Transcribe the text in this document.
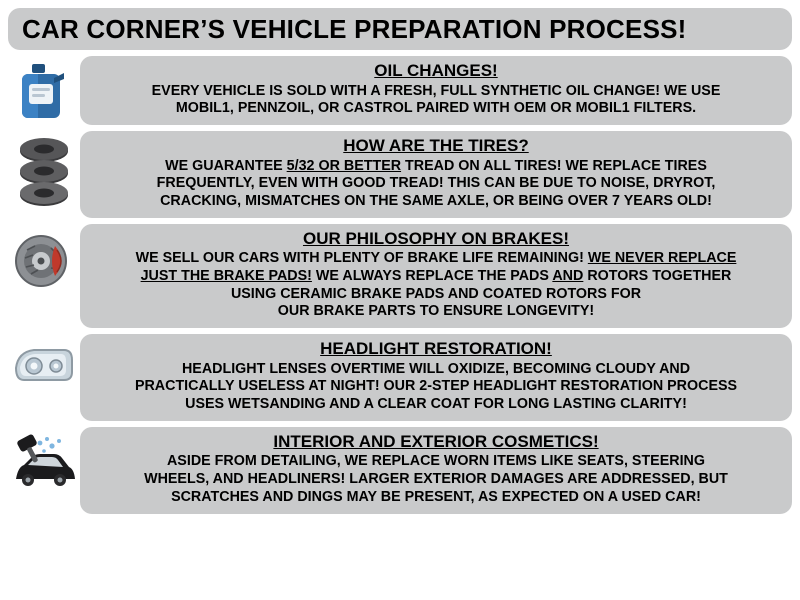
CAR CORNER’S VEHICLE PREPARATION PROCESS!
OIL CHANGES!
EVERY VEHICLE IS SOLD WITH A FRESH, FULL SYNTHETIC OIL CHANGE! WE USE
MOBIL1, PENNZOIL, OR CASTROL PAIRED WITH OEM OR MOBIL1 FILTERS.
HOW ARE THE TIRES?
WE GUARANTEE 5/32 OR BETTER TREAD ON ALL TIRES! WE REPLACE TIRES
FREQUENTLY, EVEN WITH GOOD TREAD! THIS CAN BE DUE TO NOISE, DRYROT,
CRACKING, MISMATCHES ON THE SAME AXLE, OR BEING OVER 7 YEARS OLD!
OUR PHILOSOPHY ON BRAKES!
WE SELL OUR CARS WITH PLENTY OF BRAKE LIFE REMAINING! WE NEVER REPLACE
JUST THE BRAKE PADS! WE ALWAYS REPLACE THE PADS AND ROTORS TOGETHER
USING CERAMIC BRAKE PADS AND COATED ROTORS FOR
OUR BRAKE PARTS TO ENSURE LONGEVITY!
HEADLIGHT RESTORATION!
HEADLIGHT LENSES OVERTIME WILL OXIDIZE, BECOMING CLOUDY AND
PRACTICALLY USELESS AT NIGHT! OUR 2-STEP HEADLIGHT RESTORATION PROCESS
USES WETSANDING AND A CLEAR COAT FOR LONG LASTING CLARITY!
INTERIOR AND EXTERIOR COSMETICS!
ASIDE FROM DETAILING, WE REPLACE WORN ITEMS LIKE SEATS, STEERING
WHEELS, AND HEADLINERS! LARGER EXTERIOR DAMAGES ARE ADDRESSED, BUT
SCRATCHES AND DINGS MAY BE PRESENT, AS EXPECTED ON A USED CAR!
